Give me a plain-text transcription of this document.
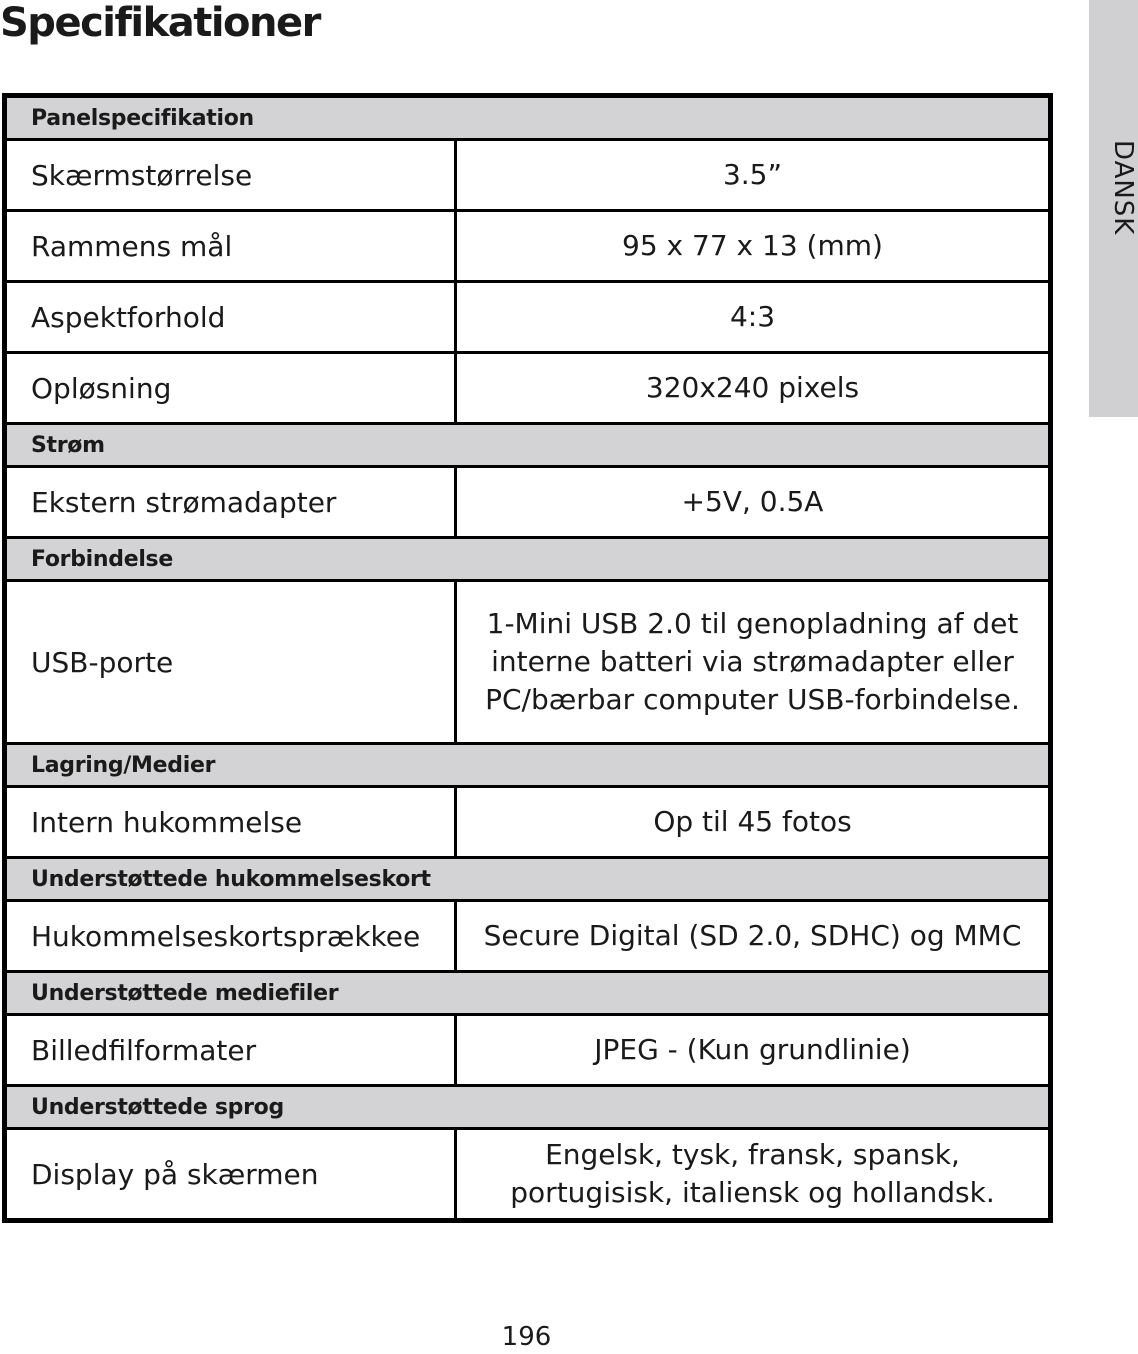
Specifikationer
DANSK
Panelspecifikation	
Skærmstørrelse	3.5”
Rammens mål	95 x 77 x 13 (mm)
Aspektforhold	4:3
Opløsning	320x240 pixels
Strøm	
Ekstern strømadapter	+5V, 0.5A
Forbindelse	
USB-porte	1-Mini USB 2.0 til genopladning af det interne batteri via strømadapter eller PC/bærbar computer USB-forbindelse.
Lagring/Medier	
Intern hukommelse	Op til 45 fotos
Understøttede hukommelseskort	
Hukommelseskortsprækkee	Secure Digital (SD 2.0, SDHC) og MMC
Understøttede mediefiler	
Billedfilformater	JPEG - (Kun grundlinie)
Understøttede sprog	
Display på skærmen	Engelsk, tysk, fransk, spansk, portugisisk, italiensk og hollandsk.
196
